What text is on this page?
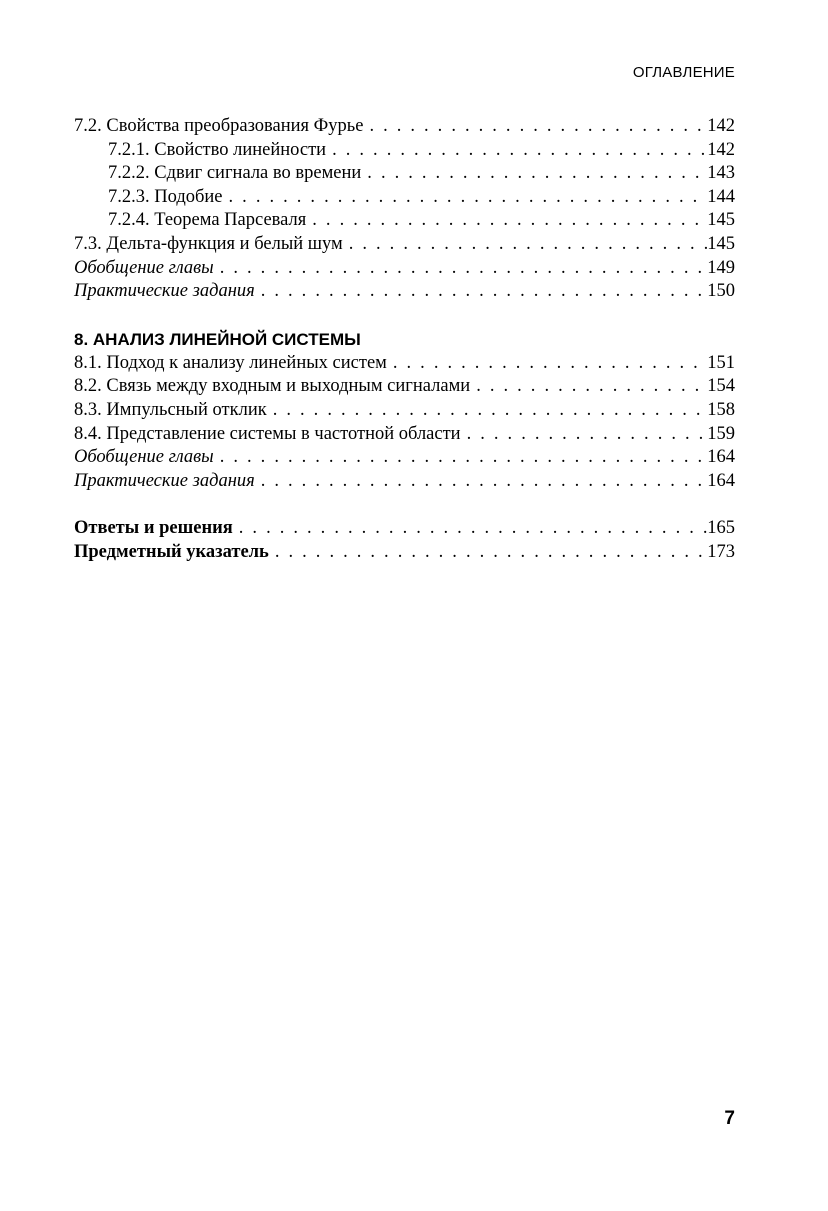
ОГЛАВЛЕНИЕ
7.2. Свойства преобразования Фурье . . .	142
7.2.1. Свойство линейности . . .	142
7.2.2. Сдвиг сигнала во времени . . .	143
7.2.3. Подобие . . .	144
7.2.4. Теорема Парсеваля . . .	145
7.3. Дельта-функция и белый шум . . .	145
Обобщение главы . . .	149
Практические задания . . .	150
8. АНАЛИЗ ЛИНЕЙНОЙ СИСТЕМЫ
8.1. Подход к анализу линейных систем . . .	151
8.2. Связь между входным и выходным сигналами . . .	154
8.3. Импульсный отклик . . .	158
8.4. Представление системы в частотной области . . .	159
Обобщение главы . . .	164
Практические задания . . .	164
Ответы и решения . . .	165
Предметный указатель . . .	173
7
